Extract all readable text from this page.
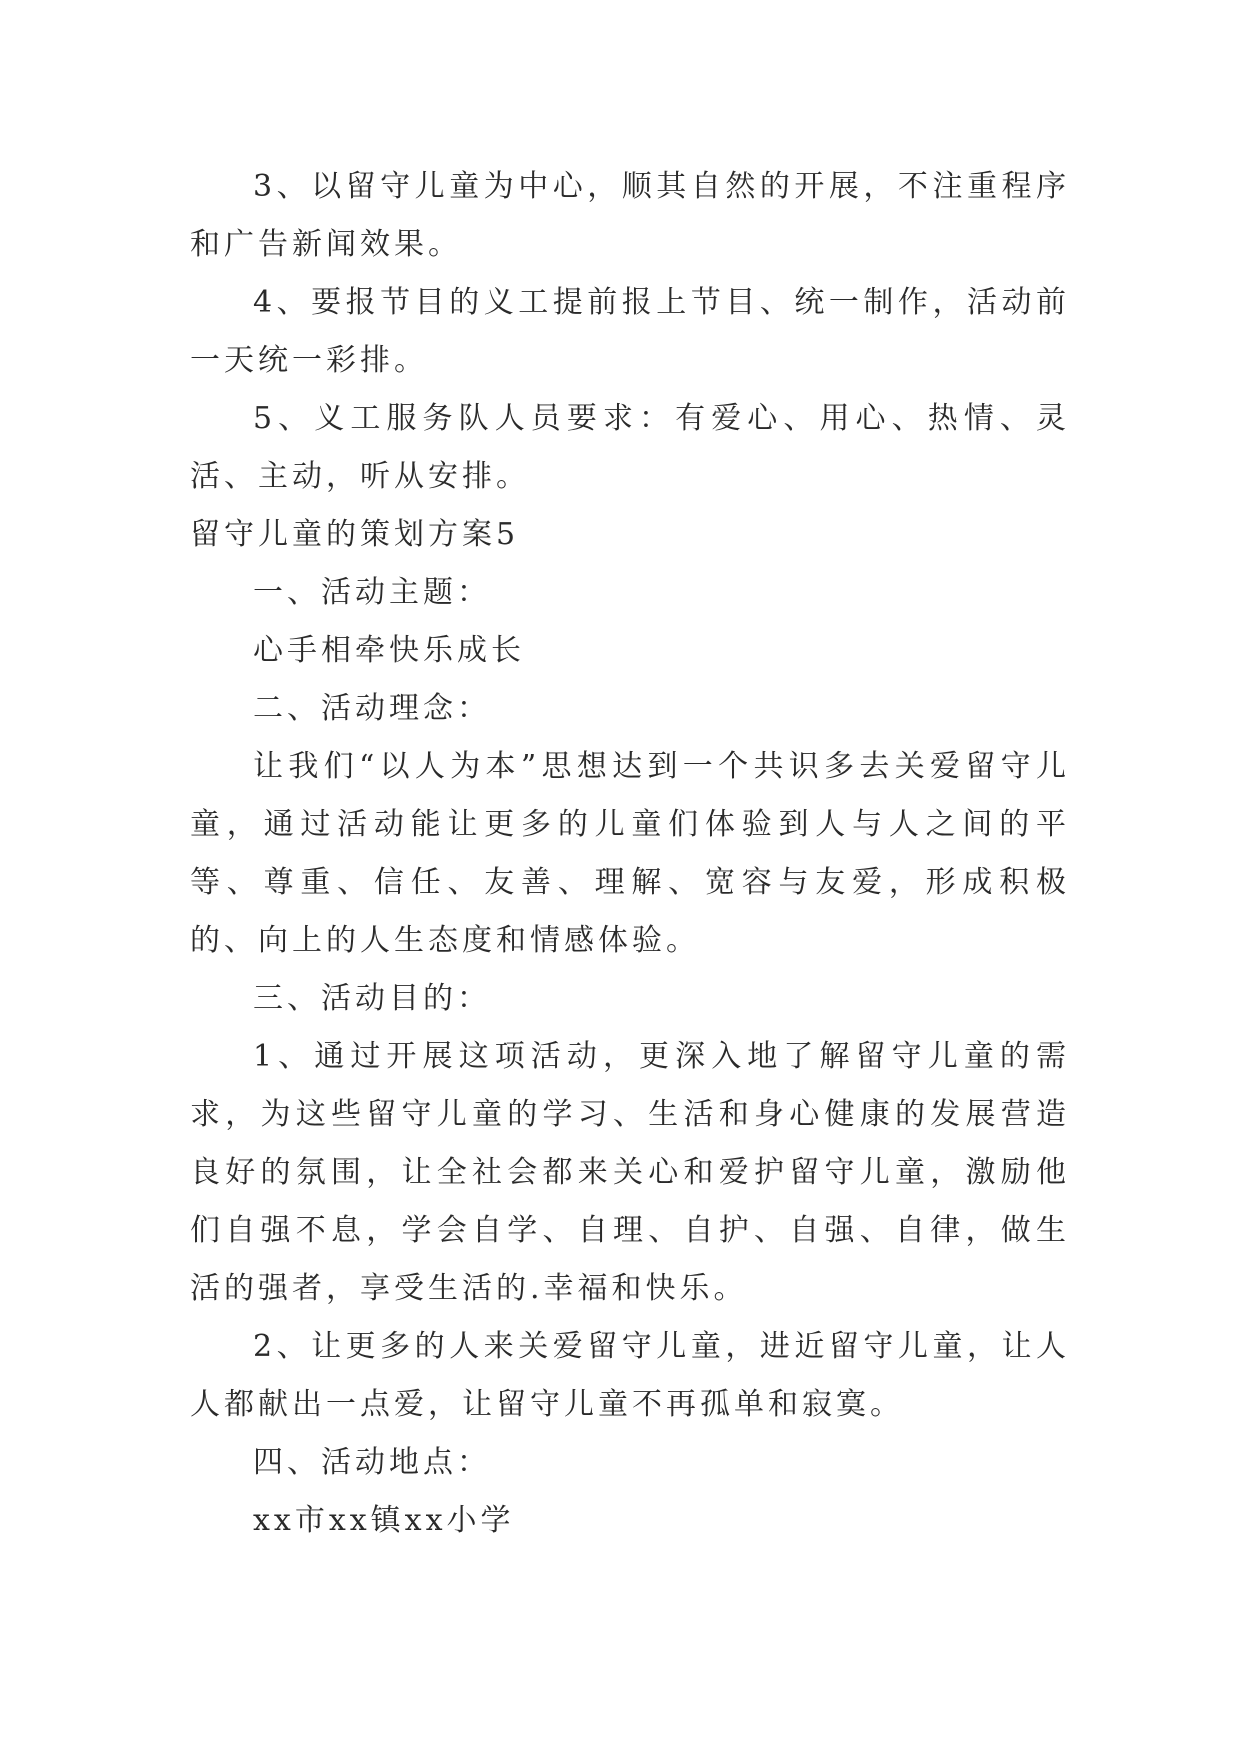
3、以留守儿童为中心，顺其自然的开展，不注重程序和广告新闻效果。

4、要报节目的义工提前报上节目、统一制作，活动前一天统一彩排。

5、义工服务队人员要求：有爱心、用心、热情、灵活、主动，听从安排。

留守儿童的策划方案5

一、活动主题：

心手相牵快乐成长

二、活动理念：

让我们“以人为本”思想达到一个共识多去关爱留守儿童，通过活动能让更多的儿童们体验到人与人之间的平等、尊重、信任、友善、理解、宽容与友爱，形成积极的、向上的人生态度和情感体验。

三、活动目的：

1、通过开展这项活动，更深入地了解留守儿童的需求，为这些留守儿童的学习、生活和身心健康的发展营造良好的氛围，让全社会都来关心和爱护留守儿童，激励他们自强不息，学会自学、自理、自护、自强、自律，做生活的强者，享受生活的.幸福和快乐。

2、让更多的人来关爱留守儿童，进近留守儿童，让人人都献出一点爱，让留守儿童不再孤单和寂寞。

四、活动地点：

xx市xx镇xx小学
